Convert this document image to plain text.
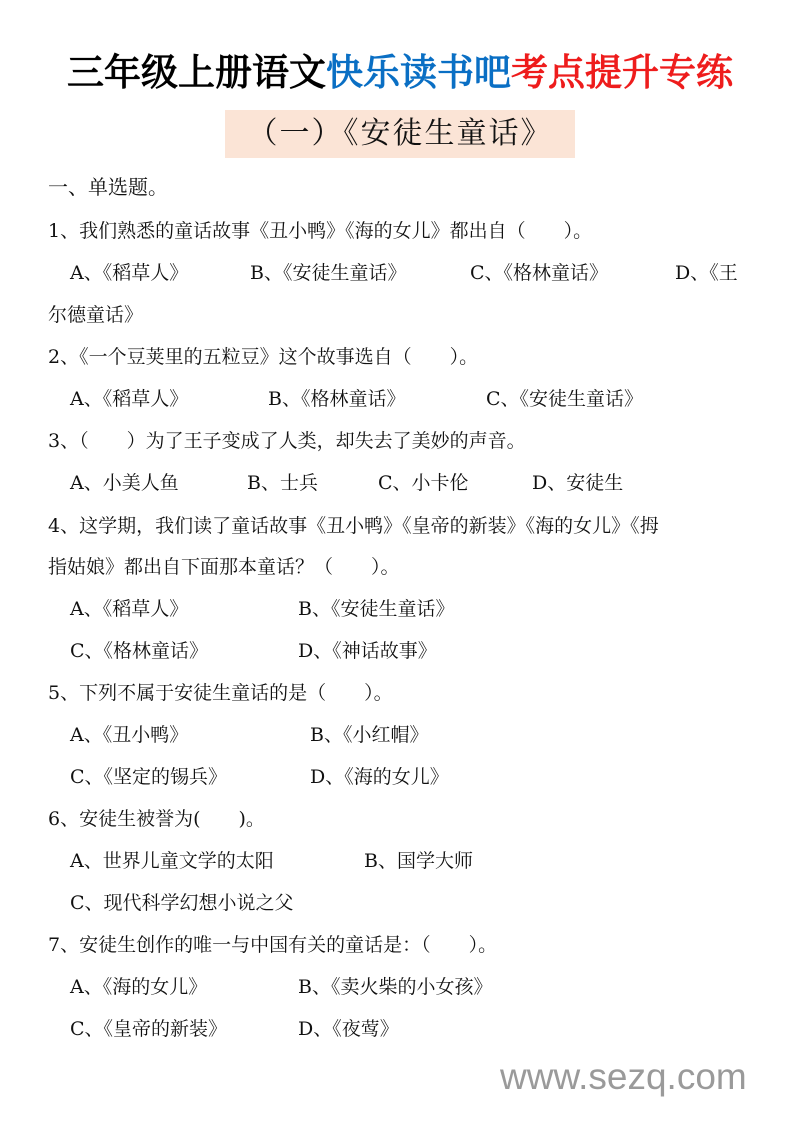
三年级上册语文快乐读书吧考点提升专练
（一）《安徒生童话》
一、单选题。
1、我们熟悉的童话故事《丑小鸭》《海的女儿》都出自（　　）。
A、《稻草人》	B、《安徒生童话》	C、《格林童话》	D、《王
尔德童话》
2、《一个豆荚里的五粒豆》这个故事选自（　　）。
A、《稻草人》	B、《格林童话》	C、《安徒生童话》
3、（　　）为了王子变成了人类，却失去了美妙的声音。
A、小美人鱼	B、士兵	C、小卡伦	D、安徒生
4、这学期，我们读了童话故事《丑小鸭》《皇帝的新装》《海的女儿》《拇
指姑娘》都出自下面那本童话？（　　）。
A、《稻草人》	B、《安徒生童话》
C、《格林童话》	D、《神话故事》
5、下列不属于安徒生童话的是（　　）。
A、《丑小鸭》	B、《小红帽》
C、《坚定的锡兵》	D、《海的女儿》
6、安徒生被誉为(　　)。
A、世界儿童文学的太阳	B、国学大师
C、现代科学幻想小说之父
7、安徒生创作的唯一与中国有关的童话是：（　　）。
A、《海的女儿》	B、《卖火柴的小女孩》
C、《皇帝的新装》	D、《夜莺》
www.sezq.com
